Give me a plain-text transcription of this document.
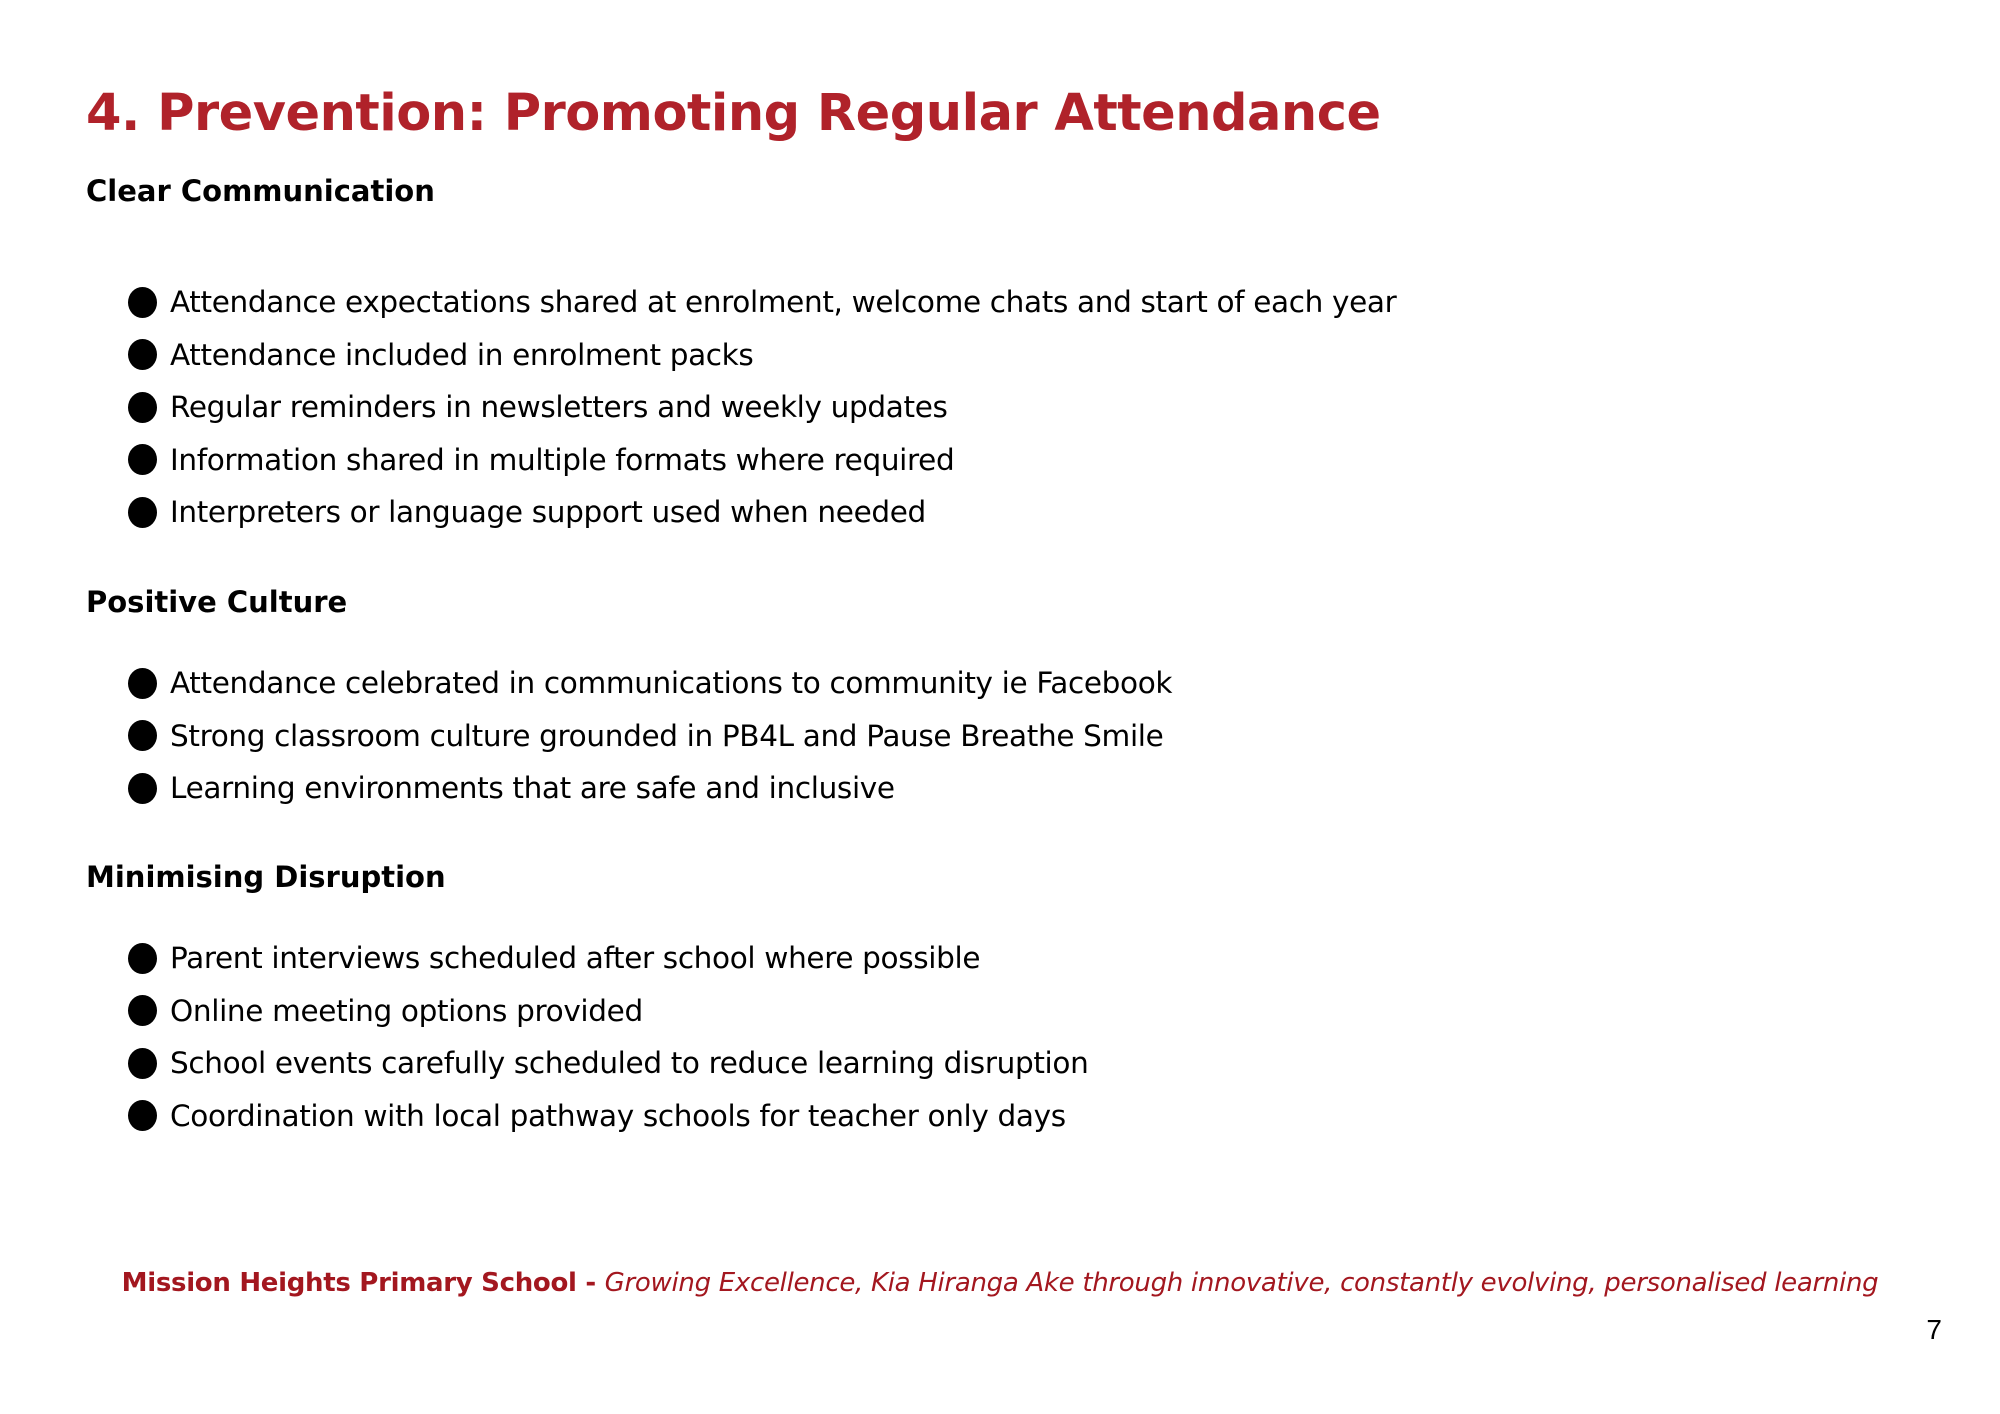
4. Prevention: Promoting Regular Attendance
Clear Communication
Attendance expectations shared at enrolment, welcome chats and start of each year
Attendance included in enrolment packs
Regular reminders in newsletters and weekly updates
Information shared in multiple formats where required
Interpreters or language support used when needed
Positive Culture
Attendance celebrated in communications to community ie Facebook
Strong classroom culture grounded in PB4L and Pause Breathe Smile
Learning environments that are safe and inclusive
Minimising Disruption
Parent interviews scheduled after school where possible
Online meeting options provided
School events carefully scheduled to reduce learning disruption
Coordination with local pathway schools for teacher only days
Mission Heights Primary School - Growing Excellence, Kia Hiranga Ake through innovative, constantly evolving, personalised learning
7
